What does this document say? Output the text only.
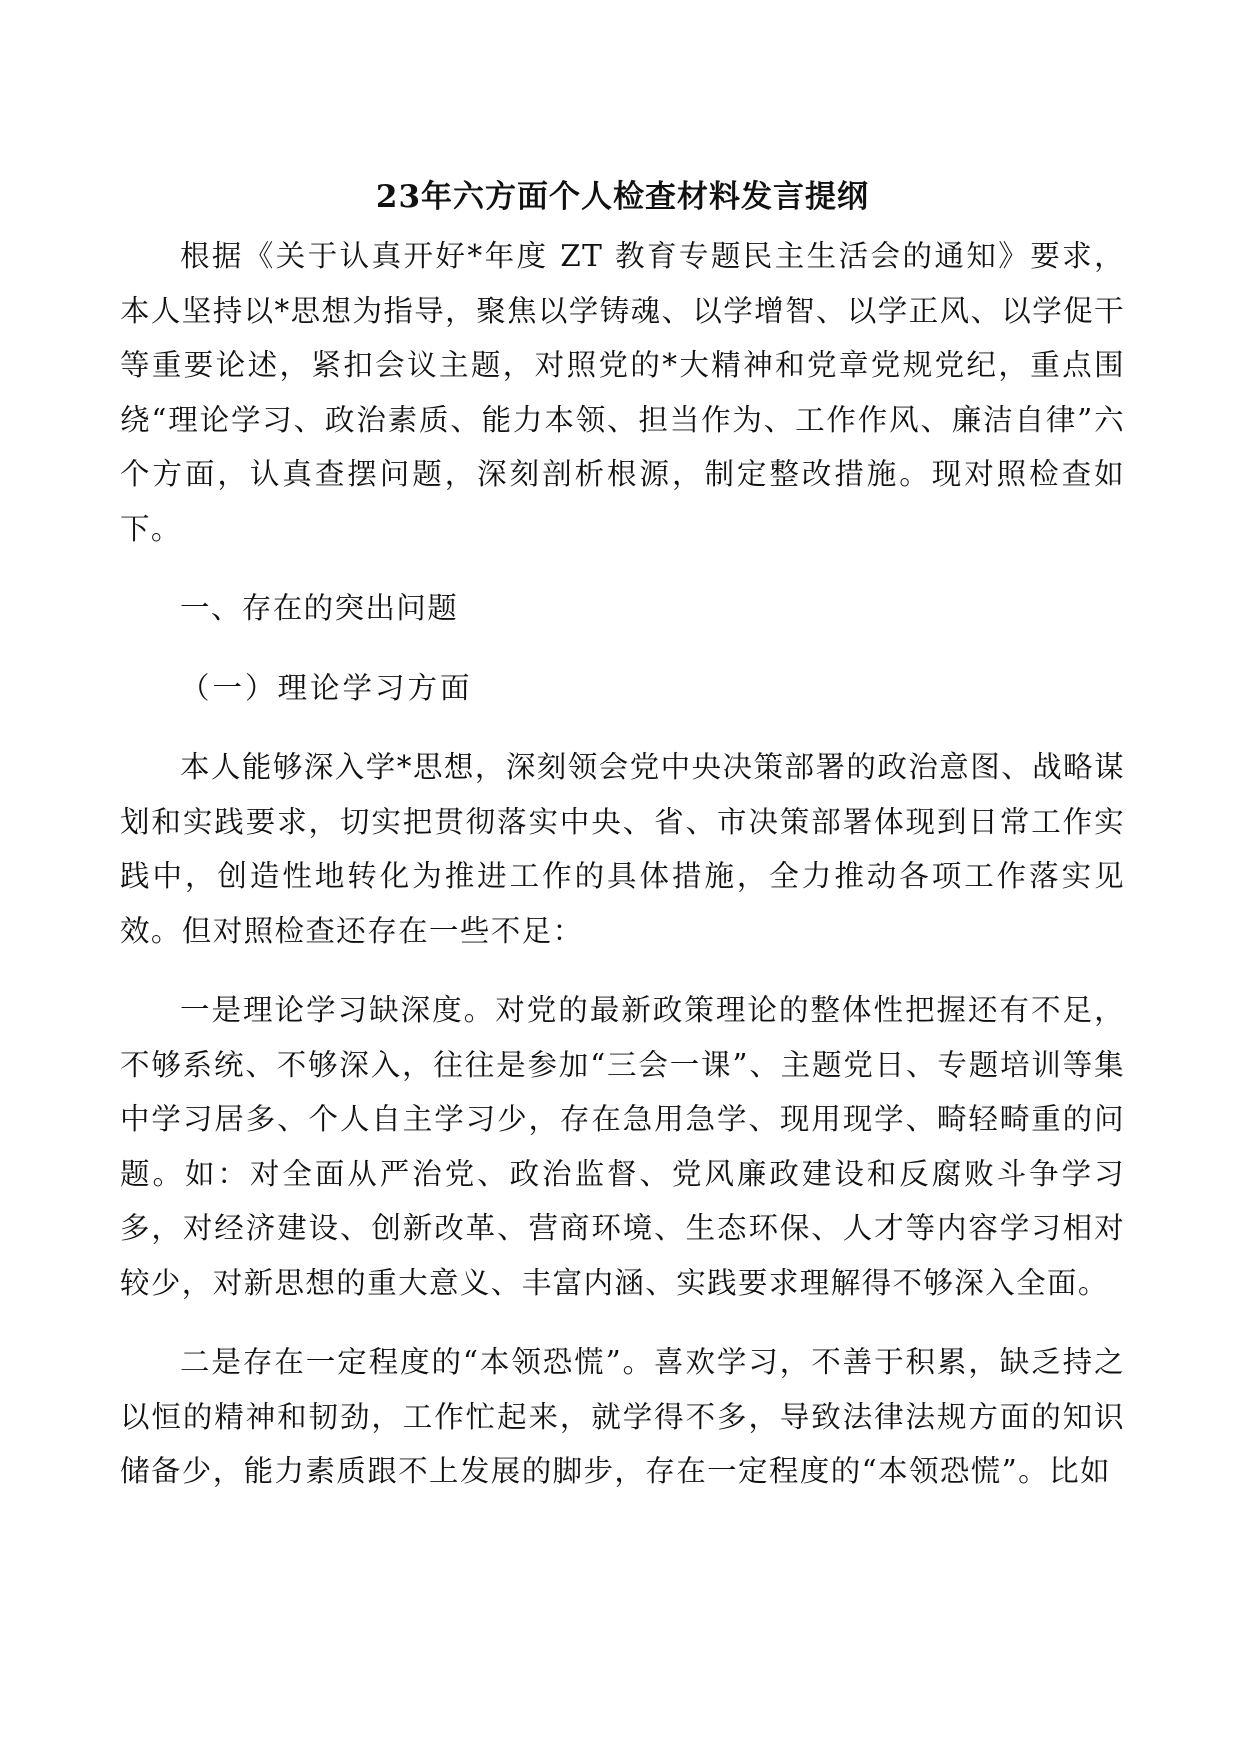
23年六方面个人检查材料发言提纲

根据《关于认真开好*年度 ZT 教育专题民主生活会的通知》要求，本人坚持以*思想为指导，聚焦以学铸魂、以学增智、以学正风、以学促干等重要论述，紧扣会议主题，对照党的*大精神和党章党规党纪，重点围绕“理论学习、政治素质、能力本领、担当作为、工作作风、廉洁自律”六个方面，认真查摆问题，深刻剖析根源，制定整改措施。现对照检查如下。

一、存在的突出问题
（一）理论学习方面

本人能够深入学*思想，深刻领会党中央决策部署的政治意图、战略谋划和实践要求，切实把贯彻落实中央、省、市决策部署体现到日常工作实践中，创造性地转化为推进工作的具体措施，全力推动各项工作落实见效。但对照检查还存在一些不足：

一是理论学习缺深度。对党的最新政策理论的整体性把握还有不足，不够系统、不够深入，往往是参加“三会一课”、主题党日、专题培训等集中学习居多、个人自主学习少，存在急用急学、现用现学、畸轻畸重的问题。如：对全面从严治党、政治监督、党风廉政建设和反腐败斗争学习多，对经济建设、创新改革、营商环境、生态环保、人才等内容学习相对较少，对新思想的重大意义、丰富内涵、实践要求理解得不够深入全面。

二是存在一定程度的“本领恐慌”。喜欢学习，不善于积累，缺乏持之以恒的精神和韧劲，工作忙起来，就学得不多，导致法律法规方面的知识储备少，能力素质跟不上发展的脚步，存在一定程度的“本领恐慌”。比如
